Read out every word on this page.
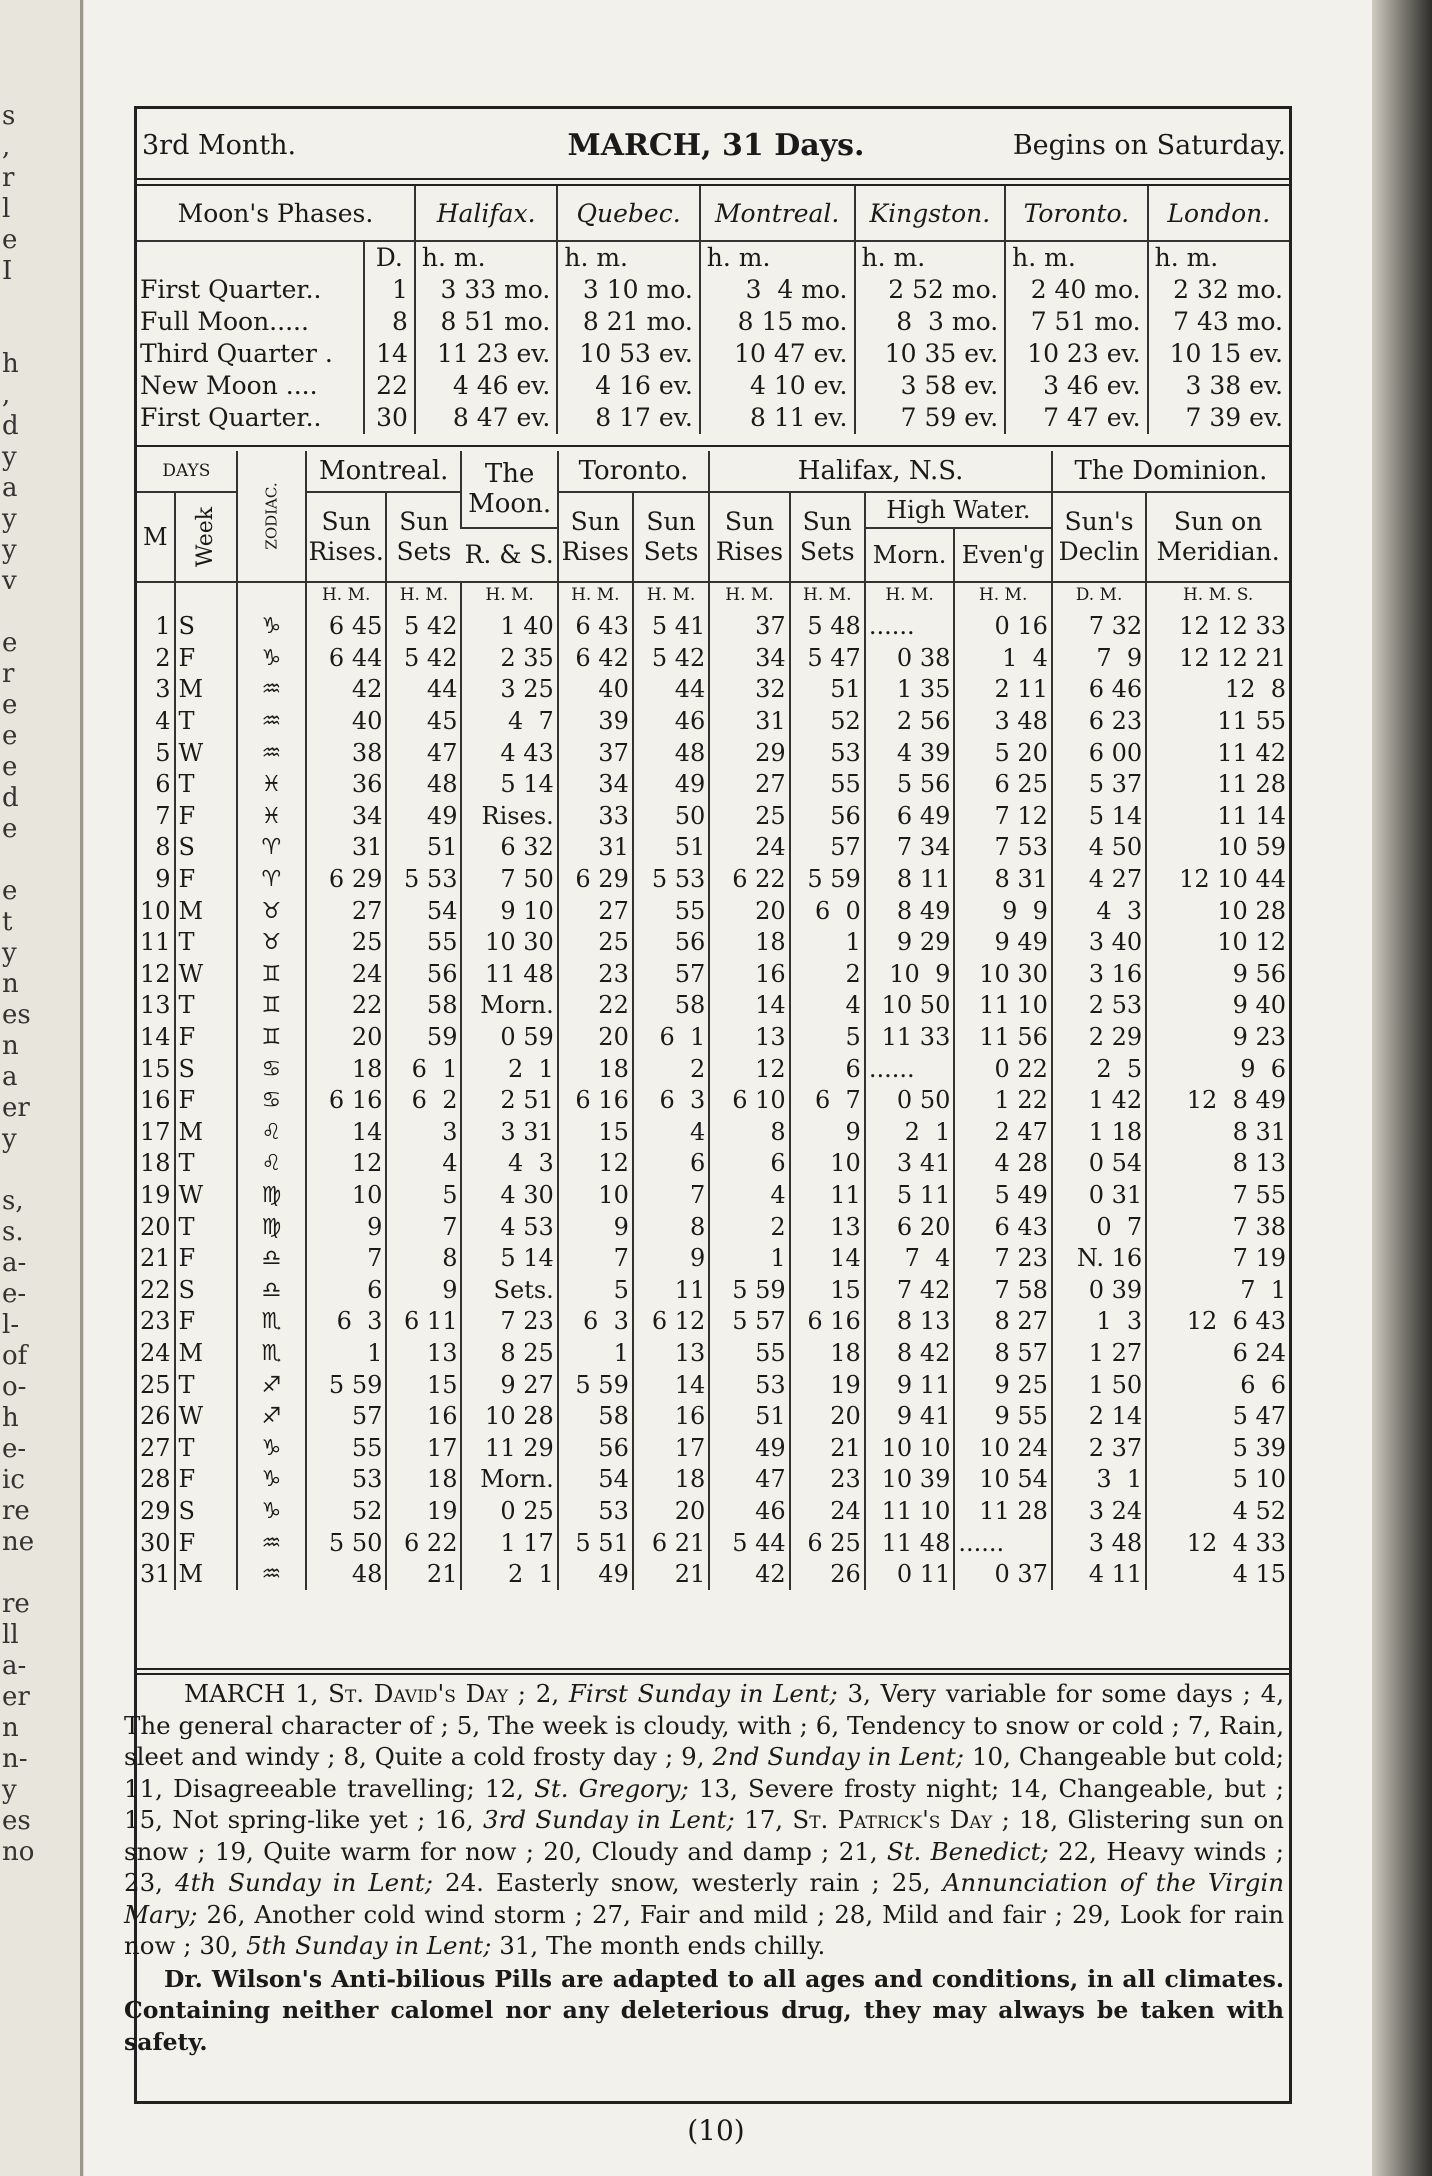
s
,
r
l
e
I
h
,
d
y
a
y
y
v
e
r
e
e
e
d
e
e
t
y
n
es
n
a
er
y
s,
s.
a-
e-
l-
of
o-
h
e-
ic
re
ne
re
ll
a-
er
n
n-
y
es
no
3rd Month.	MARCH, 31 Days.	Begins on Saturday.
Moon's Phases.		Halifax.	Quebec.	Montreal.	Kingston.	Toronto.	London.
	D.	h. m.	h. m.	h. m.	h. m.	h. m.	h. m.
First Quarter..	1	3 33 mo.	3 10 mo.	3  4 mo.	2 52 mo.	2 40 mo.	2 32 mo.
Full Moon.....	8	8 51 mo.	8 21 mo.	8 15 mo.	8  3 mo.	7 51 mo.	7 43 mo.
Third Quarter .	14	11 23 ev.	10 53 ev.	10 47 ev.	10 35 ev.	10 23 ev.	10 15 ev.
New Moon ....	22	4 46 ev.	4 16 ev.	4 10 ev.	3 58 ev.	3 46 ev.	3 38 ev.
First Quarter..	30	8 47 ev.	8 17 ev.	8 11 ev.	7 59 ev.	7 47 ev.	7 39 ev.
DAYS		ZODIAC.	Montreal.		The Moon.	Toronto.		Halifax, N.S.				The Dominion.	
M	Week		Sun Rises.	Sun Sets		Sun Rises	Sun Sets	Sun Rises	Sun Sets	High Water.		Sun's Declin	Sun on Meridian.
					R. & S.					Morn.	Even'g		
			H. M.	H. M.	H. M.	H. M.	H. M.	H. M.	H. M.	H. M.	H. M.	D. M.	H. M. S.
1	S	♑	6 45	5 42	1 40	6 43	5 41	37	5 48	......	0 16	7 32	12 12 33
2	F	♑	6 44	5 42	2 35	6 42	5 42	34	5 47	0 38	1  4	7  9	12 12 21
3	M	♒	42	44	3 25	40	44	32	51	1 35	2 11	6 46	12  8
4	T	♒	40	45	4  7	39	46	31	52	2 56	3 48	6 23	11 55
5	W	♒	38	47	4 43	37	48	29	53	4 39	5 20	6 00	11 42
6	T	♓	36	48	5 14	34	49	27	55	5 56	6 25	5 37	11 28
7	F	♓	34	49	Rises.	33	50	25	56	6 49	7 12	5 14	11 14
8	S	♈	31	51	6 32	31	51	24	57	7 34	7 53	4 50	10 59
9	F	♈	6 29	5 53	7 50	6 29	5 53	6 22	5 59	8 11	8 31	4 27	12 10 44
10	M	♉	27	54	9 10	27	55	20	6  0	8 49	9  9	4  3	10 28
11	T	♉	25	55	10 30	25	56	18	1	9 29	9 49	3 40	10 12
12	W	♊	24	56	11 48	23	57	16	2	10  9	10 30	3 16	9 56
13	T	♊	22	58	Morn.	22	58	14	4	10 50	11 10	2 53	9 40
14	F	♊	20	59	0 59	20	6  1	13	5	11 33	11 56	2 29	9 23
15	S	♋	18	6  1	2  1	18	2	12	6	......	0 22	2  5	9  6
16	F	♋	6 16	6  2	2 51	6 16	6  3	6 10	6  7	0 50	1 22	1 42	12  8 49
17	M	♌	14	3	3 31	15	4	8	9	2  1	2 47	1 18	8 31
18	T	♌	12	4	4  3	12	6	6	10	3 41	4 28	0 54	8 13
19	W	♍	10	5	4 30	10	7	4	11	5 11	5 49	0 31	7 55
20	T	♍	9	7	4 53	9	8	2	13	6 20	6 43	0  7	7 38
21	F	♎	7	8	5 14	7	9	1	14	7  4	7 23	N. 16	7 19
22	S	♎	6	9	Sets.	5	11	5 59	15	7 42	7 58	0 39	7  1
23	F	♏	6  3	6 11	7 23	6  3	6 12	5 57	6 16	8 13	8 27	1  3	12  6 43
24	M	♏	1	13	8 25	1	13	55	18	8 42	8 57	1 27	6 24
25	T	♐	5 59	15	9 27	5 59	14	53	19	9 11	9 25	1 50	6  6
26	W	♐	57	16	10 28	58	16	51	20	9 41	9 55	2 14	5 47
27	T	♑	55	17	11 29	56	17	49	21	10 10	10 24	2 37	5 39
28	F	♑	53	18	Morn.	54	18	47	23	10 39	10 54	3  1	5 10
29	S	♑	52	19	0 25	53	20	46	24	11 10	11 28	3 24	4 52
30	F	♒	5 50	6 22	1 17	5 51	6 21	5 44	6 25	11 48	......	3 48	12  4 33
31	M	♒	48	21	2  1	49	21	42	26	0 11	0 37	4 11	4 15

MARCH 1, St. David's Day ; 2, First Sunday in Lent; 3, Very variable for some days ; 4, The general character of ; 5, The week is cloudy, with ; 6, Tendency to snow or cold ; 7, Rain, sleet and windy ; 8, Quite a cold frosty day ; 9, 2nd Sunday in Lent; 10, Changeable but cold; 11, Disagreeable travelling; 12, St. Gregory; 13, Severe frosty night; 14, Changeable, but ; 15, Not spring-like yet ; 16, 3rd Sunday in Lent; 17, St. Patrick's Day ; 18, Glistering sun on snow ; 19, Quite warm for now ; 20, Cloudy and damp ; 21, St. Benedict; 22, Heavy winds ; 23, 4th Sunday in Lent; 24. Easterly snow, westerly rain ; 25, Annunciation of the Virgin Mary; 26, Another cold wind storm ; 27, Fair and mild ; 28, Mild and fair ; 29, Look for rain now ; 30, 5th Sunday in Lent; 31, The month ends chilly.

Dr. Wilson's Anti-bilious Pills are adapted to all ages and conditions, in all climates. Containing neither calomel nor any deleterious drug, they may always be taken with safety.

(10)
